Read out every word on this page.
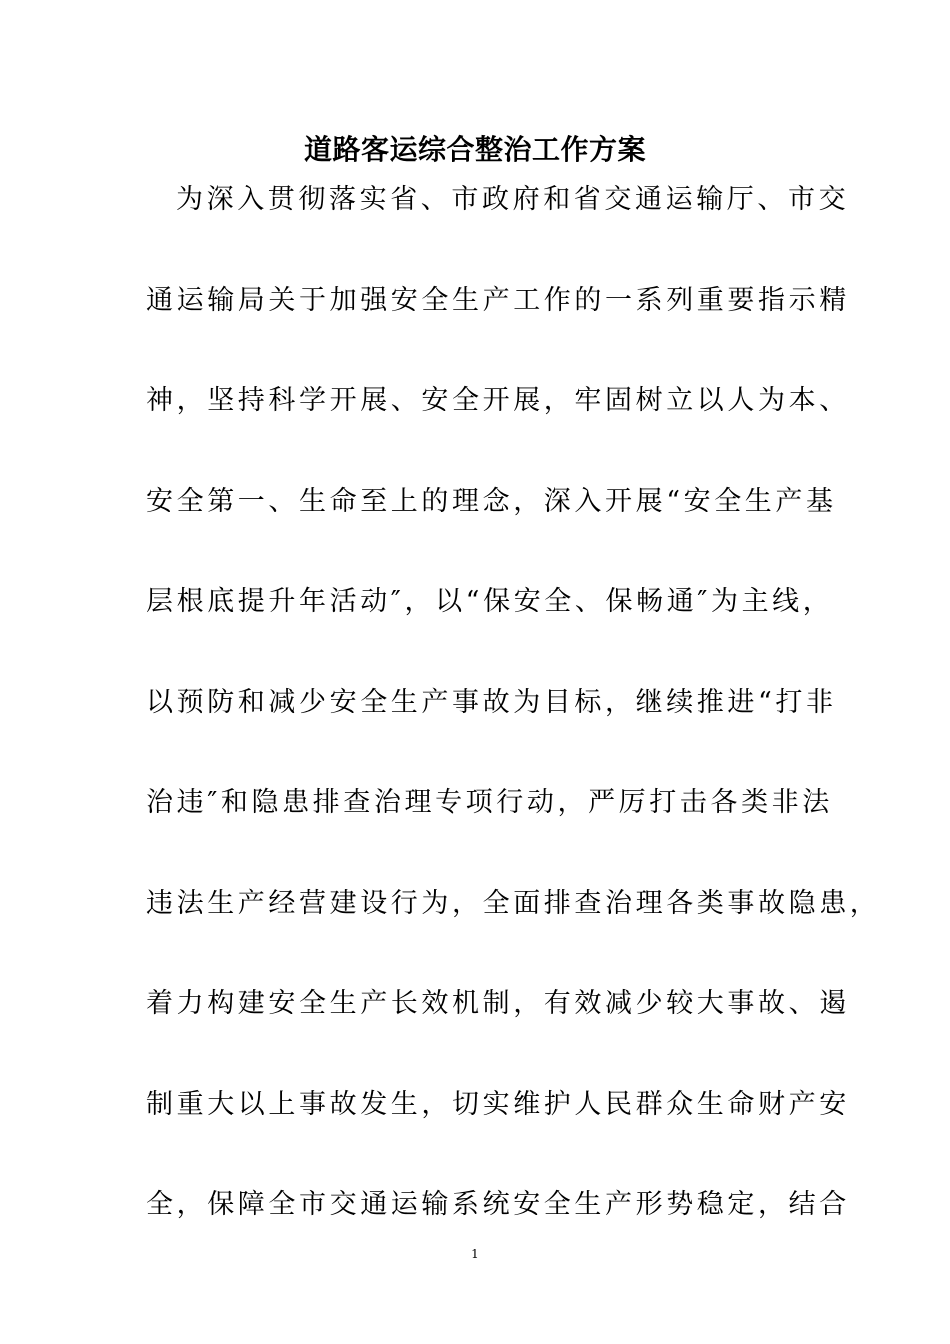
道路客运综合整治工作方案
为深入贯彻落实省、市政府和省交通运输厅、市交
通运输局关于加强安全生产工作的一系列重要指示精
神，坚持科学开展、安全开展，牢固树立以人为本、
安全第一、生命至上的理念，深入开展“安全生产基
层根底提升年活动″，以“保安全、保畅通″为主线，
以预防和减少安全生产事故为目标，继续推进“打非
治违″和隐患排查治理专项行动，严厉打击各类非法
违法生产经营建设行为，全面排查治理各类事故隐患，
着力构建安全生产长效机制，有效减少较大事故、遏
制重大以上事故发生，切实维护人民群众生命财产安
全，保障全市交通运输系统安全生产形势稳定，结合
1
